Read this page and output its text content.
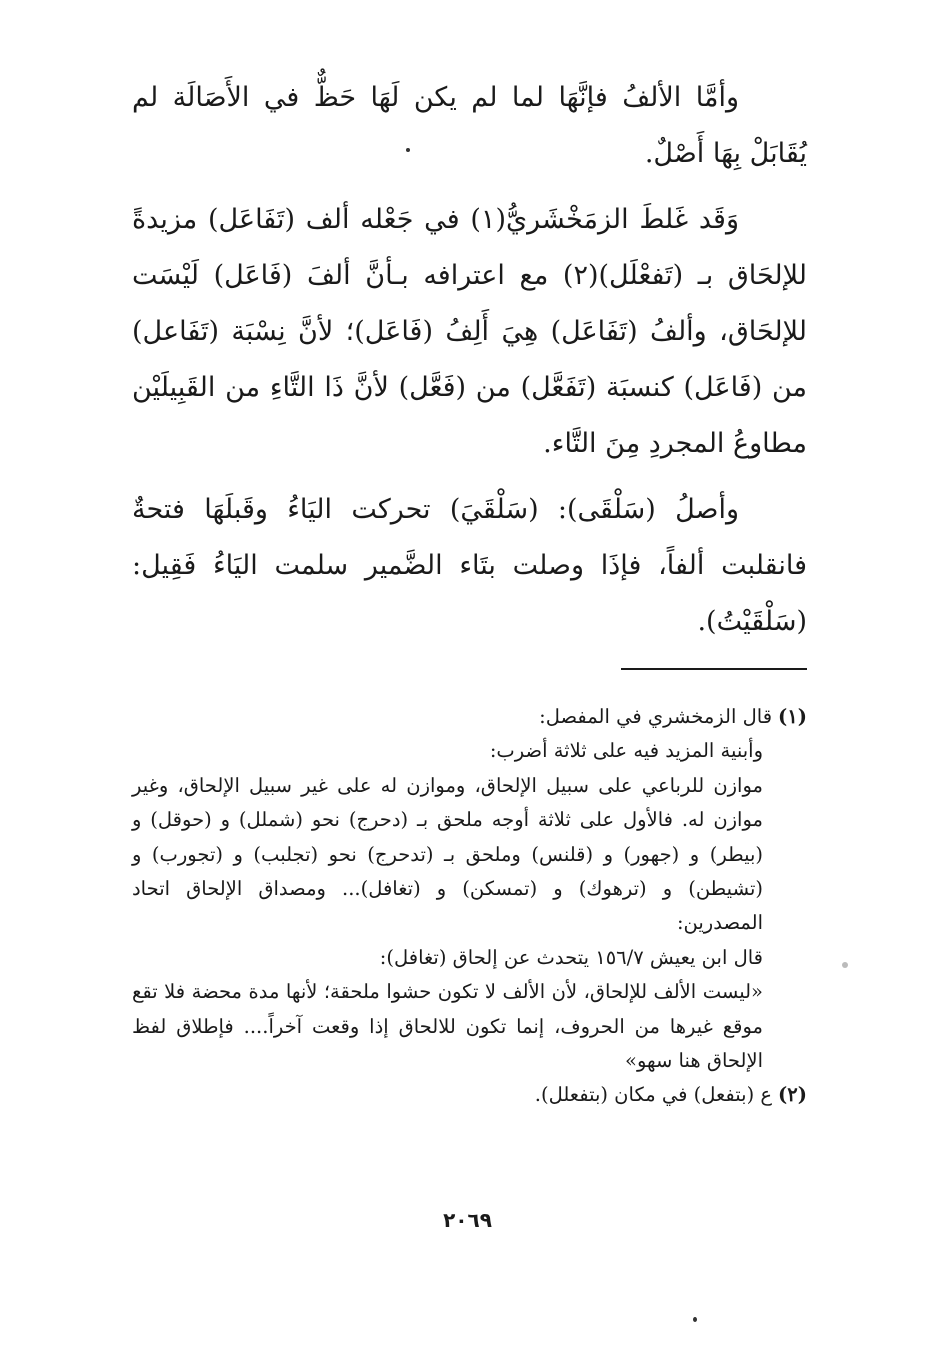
وأمَّا الألفُ فإنَّهَا لما لم يكن لَهَا حَظٌّ في الأَصَالَة لم يُقَابَلْ بِهَا أَصْلٌ.

وَقَد غَلطَ الزمَخْشَريُّ(١) في جَعْله ألف (تَفَاعَل) مزيدةً للإلحَاق بـ (تَفعْلَل)(٢) مع اعترافه بـأنَّ ألفَ (فَاعَل) لَيْسَت للإلحَاق، وألفُ (تَفَاعَل) هِيَ أَلِفُ (فَاعَل)؛ لأنَّ نِسْبَة (تَفَاعل) من (فَاعَل) كنسبَة (تَفَعَّل) من (فَعَّل) لأنَّ ذَا التَّاءِ من القَبِيلَيْن مطاوعُ المجردِ مِنَ التَّاء.

وأصلُ (سَلْقَى): (سَلْقَيَ) تحركت اليَاءُ وقَبلَهَا فتحةٌ فانقلبت ألفاً، فإذَا وصلت بتَاء الضَّمير سلمت اليَاءُ فَقِيل: (سَلْقَيْتُ).

(١)قال الزمخشري في المفصل:

وأبنية المزيد فيه على ثلاثة أضرب:

موازن للرباعي على سبيل الإلحاق، وموازن له على غير سبيل الإلحاق، وغير موازن له. فالأول على ثلاثة أوجه ملحق بـ (دحرج) نحو (شملل) و (حوقل) و (بيطر) و (جهور) و (قلنس) وملحق بـ (تدحرج) نحو (تجلبب) و (تجورب) و (تشيطن) و (ترهوك) و (تمسكن) و (تغافل)... ومصداق الإلحاق اتحاد المصدرين:

قال ابن يعيش ١٥٦/٧ يتحدث عن إلحاق (تغافل):

«ليست الألف للإلحاق، لأن الألف لا تكون حشوا ملحقة؛ لأنها مدة محضة فلا تقع موقع غيرها من الحروف، إنما تكون للالحاق إذا وقعت آخراً.... فإطلاق لفظ الإلحاق هنا سهو»

(٢)ع (بتفعل) في مكان (بتفعلل).

٢٠٦٩
